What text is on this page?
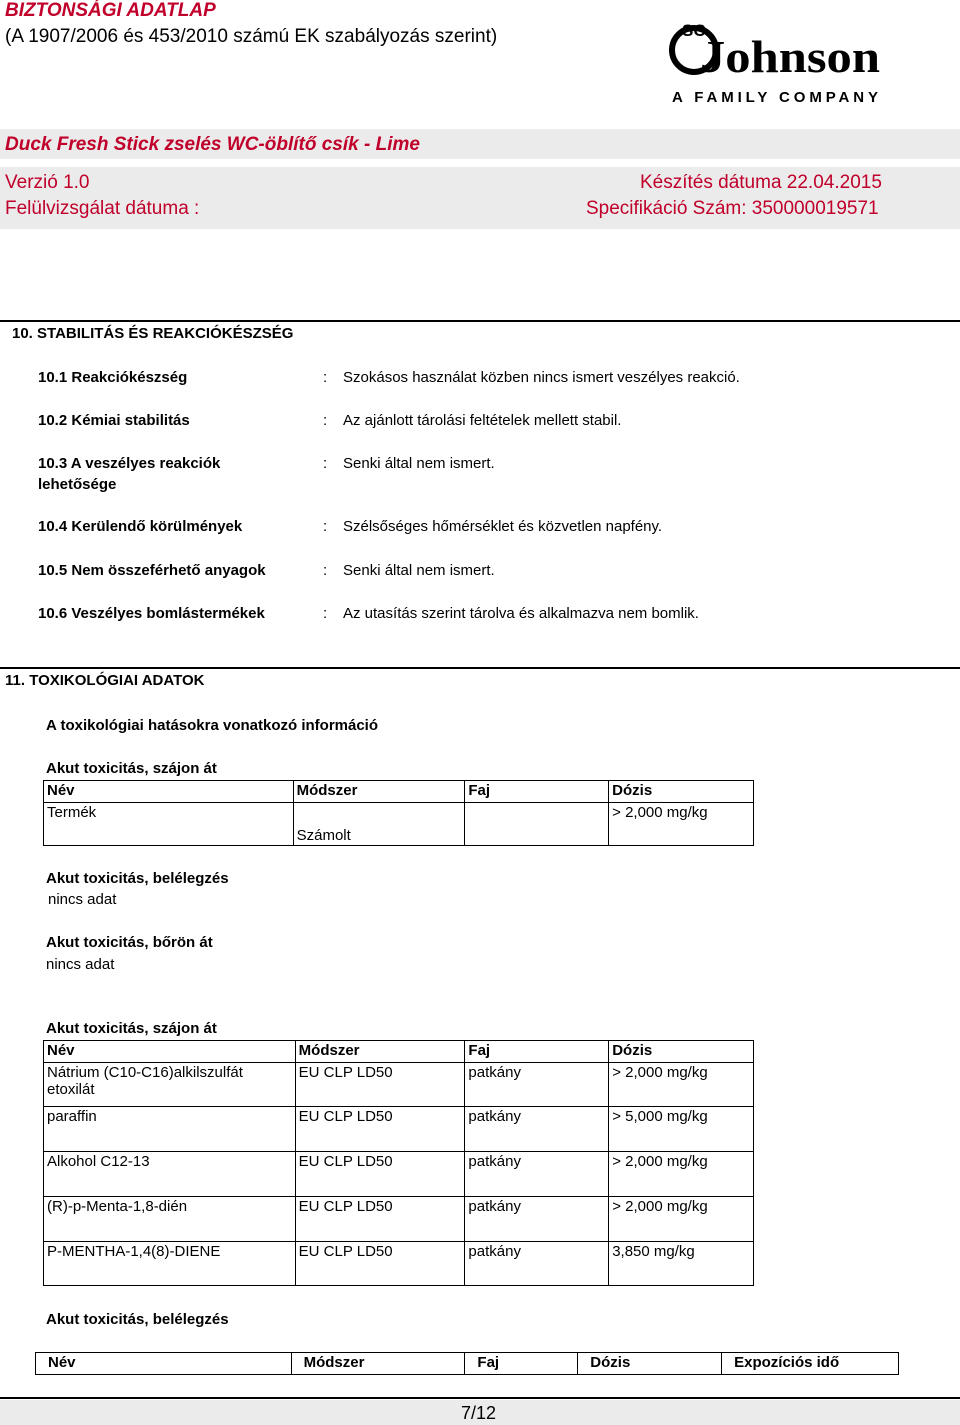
BIZTONSÁGI ADATLAP
(A 1907/2006 és 453/2010 számú EK szabályozás szerint)	SC
Johnson
A FAMILY COMPANY
Duck Fresh Stick zselés WC-öblítő csík - Lime
Verzió 1.0	Készítés dátuma 22.04.2015
Felülvizsgálat dátuma :	Specifikáció Szám: 350000019571
10. STABILITÁS ÉS REAKCIÓKÉSZSÉG
10.1 Reakciókészség	: Szokásos használat közben nincs ismert veszélyes reakció.
10.2 Kémiai stabilitás	: Az ajánlott tárolási feltételek mellett stabil.
10.3 A veszélyes reakciók
lehetősége
: Senki által nem ismert.
10.4 Kerülendő körülmények	: Szélsőséges hőmérséklet és közvetlen napfény.
10.5 Nem összeférhető anyagok	: Senki által nem ismert.
10.6 Veszélyes bomlástermékek	: Az utasítás szerint tárolva és alkalmazva nem bomlik.
11. TOXIKOLÓGIAI ADATOK
A toxikológiai hatásokra vonatkozó információ
Akut toxicitás, szájon át
Név	Módszer	Faj	Dózis
Termék	Számolt		> 2,000 mg/kg
Akut toxicitás, belélegzés
nincs adat
Akut toxicitás, bőrön át
nincs adat
Akut toxicitás, szájon át
Név	Módszer	Faj	Dózis
Nátrium (C10-C16)alkilszulfát
etoxilát	EU CLP LD50	patkány	> 2,000 mg/kg
paraffin	EU CLP LD50	patkány	> 5,000 mg/kg
Alkohol C12-13	EU CLP LD50	patkány	> 2,000 mg/kg
(R)-p-Menta-1,8-dién	EU CLP LD50	patkány	> 2,000 mg/kg
P-MENTHA-1,4(8)-DIENE	EU CLP LD50	patkány	3,850 mg/kg
Akut toxicitás, belélegzés
Név	Módszer	Faj	Dózis	Expozíciós idő
7/12
